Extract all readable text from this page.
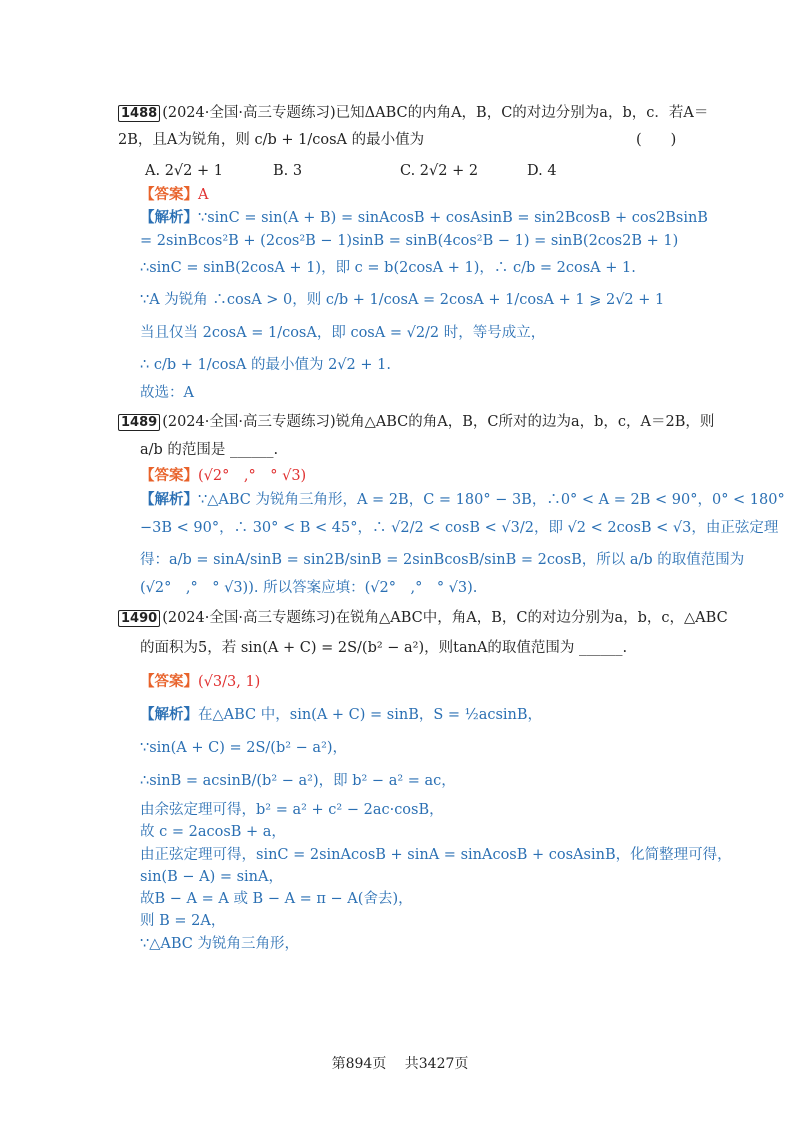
1488 (2024·全国·高三专题练习)已知ΔABC的内角A，B，C的对边分别为a，b，c．若A＝
2B，且A为锐角，则 c/b + 1/cosA 的最小值为	(　　)
A. 2√2 + 1	B. 3	C. 2√2 + 2	D. 4
【答案】A
【解析】∵sinC = sin(A + B) = sinAcosB + cosAsinB = sin2BcosB + cos2BsinB
= 2sinBcos²B + (2cos²B − 1)sinB = sinB(4cos²B − 1) = sinB(2cos2B + 1)
∴sinC = sinB(2cosA + 1)，即 c = b(2cosA + 1)，∴ c/b = 2cosA + 1.
∵A 为锐角 ∴cosA > 0，则 c/b + 1/cosA = 2cosA + 1/cosA + 1 ⩾ 2√2 + 1
当且仅当 2cosA = 1/cosA，即 cosA = √2/2 时，等号成立，
∴ c/b + 1/cosA 的最小值为 2√2 + 1.
故选：A
1489 (2024·全国·高三专题练习)锐角△ABC的角A，B，C所对的边为a，b，c，A＝2B，则
a/b 的范围是 ______.
【答案】(√2°　,°　° √3)
【解析】∵△ABC 为锐角三角形，A = 2B，C = 180° − 3B，∴0° < A = 2B < 90°，0° < 180°
−3B < 90°，∴ 30° < B < 45°，∴ √2/2 < cosB < √3/2，即 √2 < 2cosB < √3，由正弦定理
得：a/b = sinA/sinB = sin2B/sinB = 2sinBcosB/sinB = 2cosB，所以 a/b 的取值范围为
(√2°　,°　° √3)). 所以答案应填：(√2°　,°　° √3).
1490 (2024·全国·高三专题练习)在锐角△ABC中，角A，B，C的对边分别为a，b，c，△ABC
的面积为5，若 sin(A + C) = 2S/(b² − a²)，则tanA的取值范围为 ______.
【答案】(√3/3, 1)
【解析】在△ABC 中，sin(A + C) = sinB，S = ½acsinB，
∵sin(A + C) = 2S/(b² − a²)，
∴sinB = acsinB/(b² − a²)，即 b² − a² = ac，
由余弦定理可得，b² = a² + c² − 2ac·cosB，
故 c = 2acosB + a，
由正弦定理可得，sinC = 2sinAcosB + sinA = sinAcosB + cosAsinB，化简整理可得，
sin(B − A) = sinA，
故B − A = A 或 B − A = π − A(舍去)，
则 B = 2A，
∵△ABC 为锐角三角形，
第894页　 共3427页
